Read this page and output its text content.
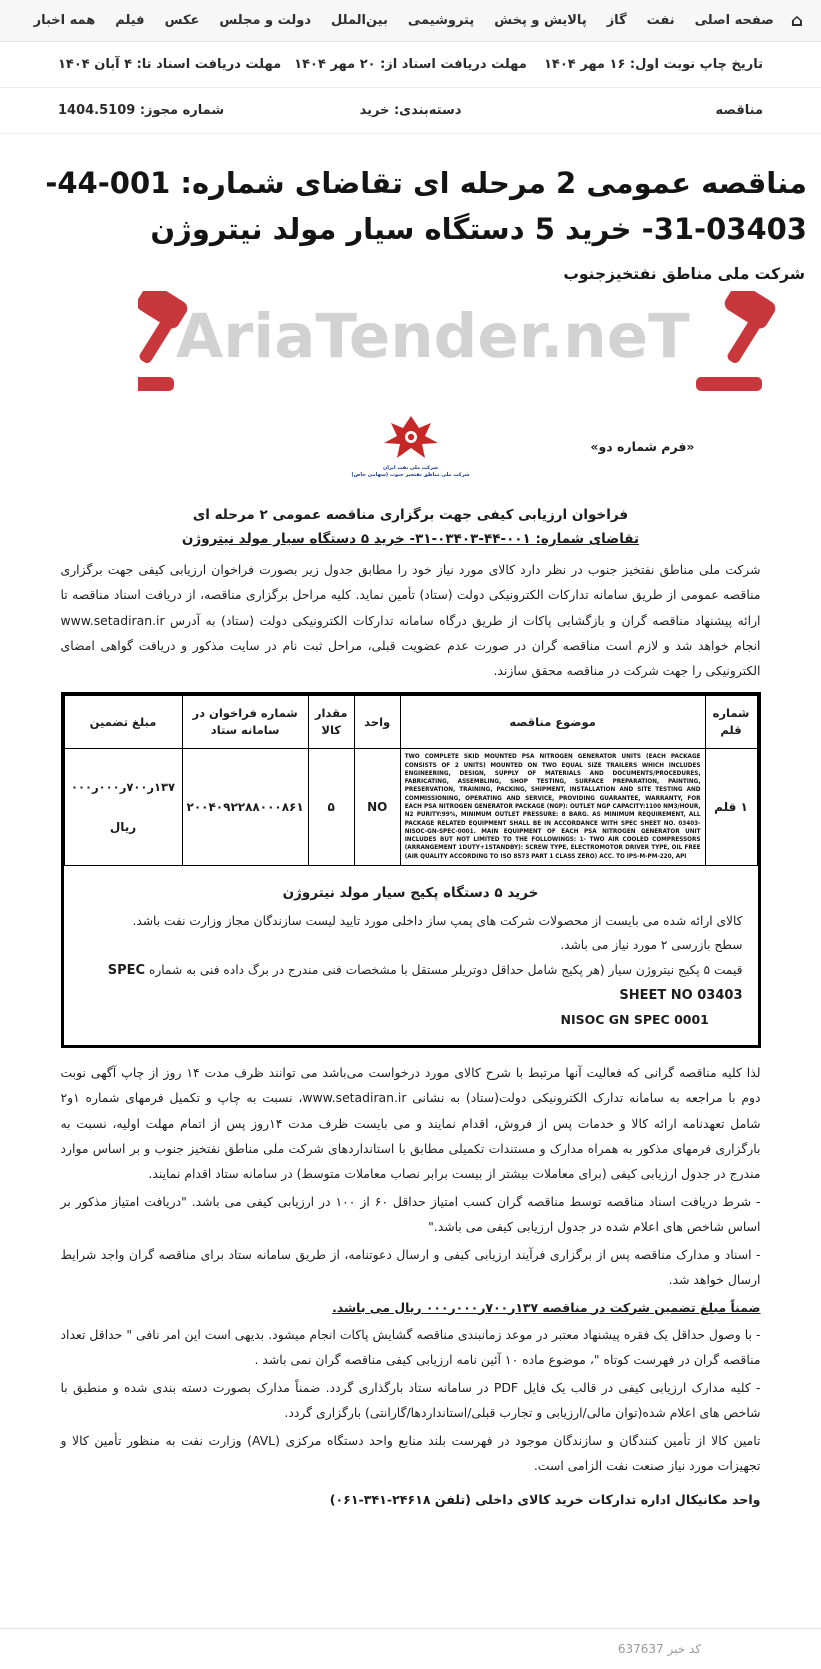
⌂
صفحه اصلی
نفت
گاز
پالایش و پخش
پتروشیمی
بین‌الملل
دولت و مجلس
عکس
فیلم
همه اخبار
تاریخ چاپ نوبت اول: ۱۶ مهر ۱۴۰۴
مهلت دریافت اسناد از: ۲۰ مهر ۱۴۰۴
مهلت دریافت اسناد تا: ۴ آبان ۱۴۰۴
مناقصه
دسته‌بندی: خرید
شماره مجوز: 1404.5109
مناقصه عمومی 2 مرحله ای تقاضای شماره: 001-44-03403-31- خرید 5 دستگاه سیار مولد نیتروژن
شرکت ملی مناطق نفتخیزجنوب
AriaTender.neT
«فرم شماره دو»
شرکت ملی نفت ایران
شرکت ملی مناطق نفتخیز جنوب (سهامی خاص)
فراخوان ارزیابی کیفی جهت برگزاری مناقصه عمومی ۲ مرحله ای
تقاضای شماره: ۰۰۱-۴۴-۰۳۴۰۳-۳۱- خرید ۵ دستگاه سیار مولد نیتروژن

شرکت ملی مناطق نفتخیز جنوب در نظر دارد کالای مورد نیاز خود را مطابق جدول زیر بصورت فراخوان ارزیابی کیفی جهت برگزاری مناقصه عمومی از طریق سامانه تدارکات الکترونیکی دولت (ستاد) تأمین نماید. کلیه مراحل برگزاری مناقصه، از دریافت اسناد مناقصه تا ارائه پیشنهاد مناقصه گران و بازگشایی پاکات از طریق درگاه سامانه تدارکات الکترونیکی دولت (ستاد) به آدرس www.setadiran.ir انجام خواهد شد و لازم است مناقصه گران در صورت عدم عضویت قبلی، مراحل ثبت نام در سایت مذکور و دریافت گواهی امضای الکترونیکی را جهت شرکت در مناقصه محقق سازند.

شماره قلم	موضوع مناقصه	واحد	مقدار کالا	شماره فراخوان در سامانه ستاد	مبلغ تضمین
۱ قلم	TWO COMPLETE SKID MOUNTED PSA NITROGEN GENERATOR UNITS (EACH PACKAGE CONSISTS OF 2 UNITS) MOUNTED ON TWO EQUAL SIZE TRAILERS WHICH INCLUDES ENGINEERING, DESIGN, SUPPLY OF MATERIALS AND DOCUMENTS/PROCEDURES, FABRICATING, ASSEMBLING, SHOP TESTING, SURFACE PREPARATION, PAINTING, PRESERVATION, TRAINING, PACKING, SHIPMENT, INSTALLATION AND SITE TESTING AND COMMISSIONING, OPERATING AND SERVICE, PROVIDING GUARANTEE, WARRANTY, FOR EACH PSA NITROGEN GENERATOR PACKAGE (NGP): OUTLET NGP CAPACITY:1100 NM3/HOUR, N2 PURITY:99%, MINIMUM OUTLET PRESSURE: 8 BARG. AS MINIMUM REQUIREMENT, ALL PACKAGE RELATED EQUIPMENT SHALL BE IN ACCORDANCE WITH SPEC SHEET NO. 03403-NISOC-GN-SPEC-0001. MAIN EQUIPMENT OF EACH PSA NITROGEN GENERATOR UNIT INCLUDES BUT NOT LIMITED TO THE FOLLOWINGS: 1- TWO AIR COOLED COMPRESSORS (ARRANGEMENT 1DUTY+1STANDBY): SCREW TYPE, ELECTROMOTOR DRIVER TYPE, OIL FREE (AIR QUALITY ACCORDING TO ISO 8573 PART 1 CLASS ZERO) ACC. TO IPS-M-PM-220, API	NO	۵	۲۰۰۴۰۹۲۲۸۸۰۰۰۸۶۱	۱۳۷ر۷۰۰ر۰۰۰ر۰۰۰
ریال
خرید ۵ دستگاه پکیج سیار مولد نیتروژن
کالای ارائه شده می بایست از محصولات شرکت های پمپ ساز داخلی مورد تایید لیست سازندگان مجاز وزارت نفت باشد.
سطح بازرسی ۲ مورد نیاز می باشد.
قیمت ۵ پکیج نیتروژن سیار (هر پکیج شامل حداقل دوتریلر مستقل با مشخصات فنی مندرج در برگ داده فنی به شماره SPEC SHEET NO 03403
NISOC GN SPEC 0001

لذا کلیه مناقصه گرانی که فعالیت آنها مرتبط با شرح کالای مورد درخواست می‌باشد می توانند ظرف مدت ۱۴ روز از چاپ آگهی نوبت دوم با مراجعه به سامانه تدارک الکترونیکی دولت(ستاد) به نشانی www.setadiran.ir، نسبت به چاپ و تکمیل فرمهای شماره ۱و۲ شامل تعهدنامه ارائه کالا و خدمات پس از فروش، اقدام نمایند و می بایست ظرف مدت ۱۴روز پس از اتمام مهلت اولیه، نسبت به بارگزاری فرمهای مذکور به همراه مدارک و مستندات تکمیلی مطابق با استانداردهای شرکت ملی مناطق نفتخیز جنوب و بر اساس موارد مندرج در جدول ارزیابی کیفی (برای معاملات بیشتر از بیست برابر نصاب معاملات متوسط) در سامانه ستاد اقدام نمایند.

- شرط دریافت اسناد مناقصه توسط مناقصه گران کسب امتیاز حداقل ۶۰ از ۱۰۰ در ارزیابی کیفی می باشد. "دریافت امتیاز مذکور بر اساس شاخص های اعلام شده در جدول ارزیابی کیفی می باشد."

- اسناد و مدارک مناقصه پس از برگزاری فرآیند ارزیابی کیفی و ارسال دعوتنامه، از طریق سامانه ستاد برای مناقصه گران واجد شرایط ارسال خواهد شد.

ضمناً مبلغ تضمین شرکت در مناقصه ۱۳۷ر۷۰۰ر۰۰۰ر۰۰۰ ریال می باشد.

- با وصول حداقل یک فقره پیشنهاد معتبر در موعد زمانبندی مناقصه گشایش پاکات انجام میشود. بدیهی است این امر نافی " حداقل تعداد مناقصه گران در فهرست کوتاه "، موضوع ماده ۱۰ آئین نامه ارزیابی کیفی مناقصه گران نمی باشد .

- کلیه مدارک ارزیابی کیفی در قالب یک فایل PDF در سامانه ستاد بارگذاری گردد. ضمناً مدارک بصورت دسته بندی شده و منطبق با شاخص های اعلام شده(توان مالی/ارزیابی و تجارب قبلی/استانداردها/گارانتی) بارگزاری گردد.

تامین کالا از تأمین کنندگان و سازندگان موجود در فهرست بلند منابع واحد دستگاه مرکزی (AVL) وزارت نفت به منظور تأمین کالا و تجهیزات مورد نیاز صنعت نفت الزامی است.

واحد مکانیکال اداره تدارکات خرید کالای داخلی (تلفن ۲۴۶۱۸-۳۴۱-۰۶۱)

کد خبر 637637
